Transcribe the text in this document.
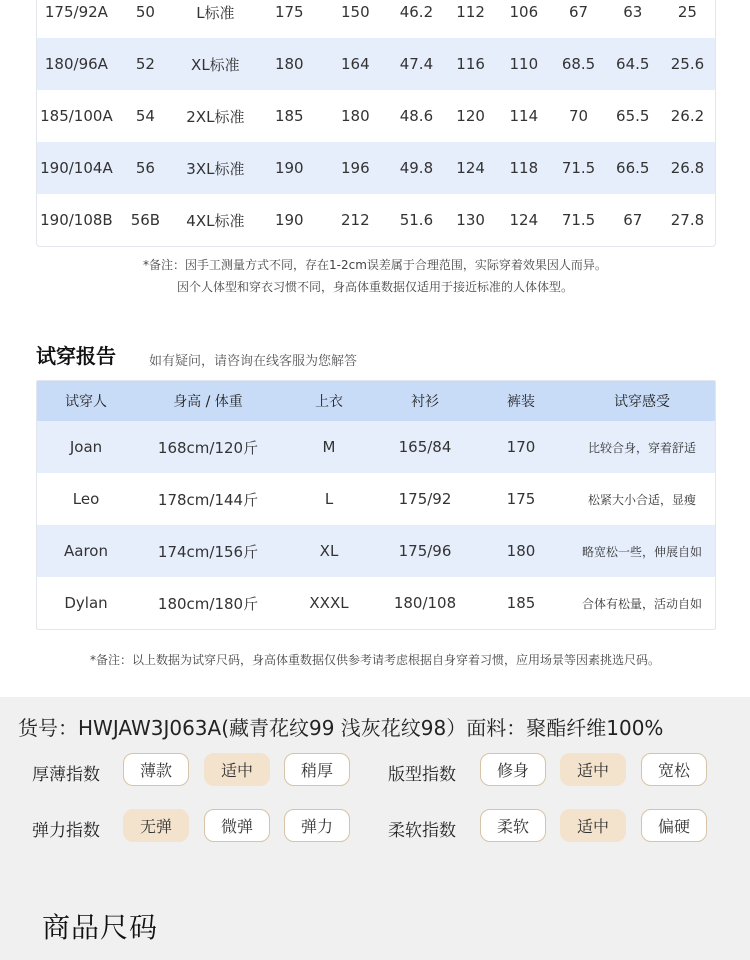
175/92A	50	L标准	175	150	46.2	112	106	67	63	25
180/96A	52	XL标准	180	164	47.4	116	110	68.5	64.5	25.6
185/100A	54	2XL标准	185	180	48.6	120	114	70	65.5	26.2
190/104A	56	3XL标准	190	196	49.8	124	118	71.5	66.5	26.8
190/108B	56B	4XL标准	190	212	51.6	130	124	71.5	67	27.8
*备注：因手工测量方式不同，存在1-2cm误差属于合理范围，实际穿着效果因人而异。
因个人体型和穿衣习惯不同，身高体重数据仅适用于接近标准的人体体型。
试穿报告	如有疑问，请咨询在线客服为您解答
试穿人	身高 / 体重	上衣	衬衫	裤装	试穿感受
Joan	168cm/120斤	M	165/84	170	比较合身，穿着舒适
Leo	178cm/144斤	L	175/92	175	松紧大小合适，显瘦
Aaron	174cm/156斤	XL	175/96	180	略宽松一些，伸展自如
Dylan	180cm/180斤	XXXL	180/108	185	合体有松量，活动自如
*备注：以上数据为试穿尺码，身高体重数据仅供参考请考虑根据自身穿着习惯，应用场景等因素挑选尺码。
货号：HWJAW3J063A(藏青花纹99 浅灰花纹98）面料：聚酯纤维100%
厚薄指数	薄款	适中	稍厚	版型指数	修身	适中	宽松
弹力指数	无弹	微弹	弹力	柔软指数	柔软	适中	偏硬
商品尺码
